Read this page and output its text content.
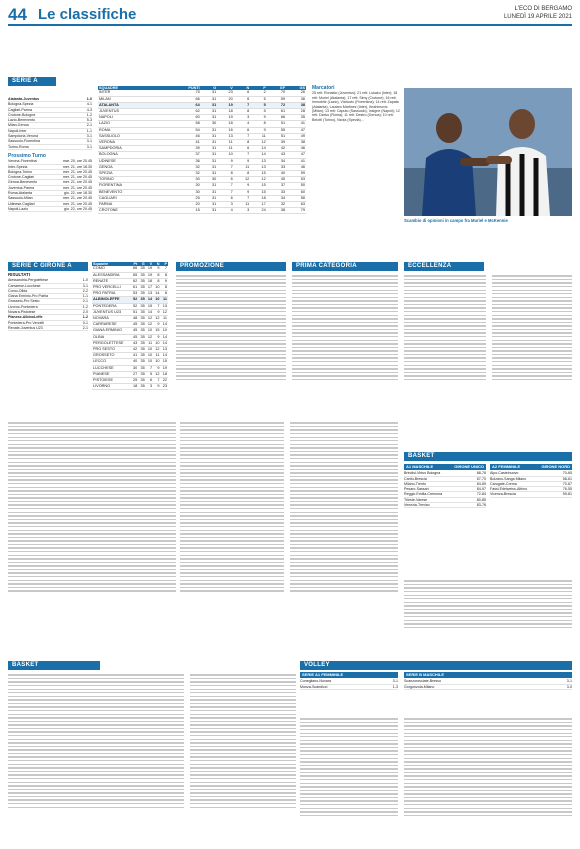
44 Le classifiche	L'ECO DI BERGAMO
LUNEDÌ 19 APRILE 2021
SERIE A
Atalanta-Juventus	1-0
Bologna-Spezia	4-1
Cagliari-Parma	4-3
Crotone-Bologna	1-2
Lazio-Benevento	5-3
Milan-Genoa	2-1
Napoli-Inter	1-1
Sampdoria-Verona	3-1
Sassuolo-Fiorentina	3-1
Torino-Roma	3-1
Prossimo Turno
Verona-Fiorentina	mar. 20, ore 20.45
Inter-Spezia	mer. 21, ore 18.30
Bologna-Torino	mer. 21, ore 20.45
Crotone-Cagliari	mer. 21, ore 20.45
Genoa-Benevento	mer. 21, ore 20.45
Juventus-Parma	mer. 21, ore 20.45
Roma-Atalanta	gio. 22, ore 18.30
Sassuolo-Milan	mer. 21, ore 20.45
Udinese-Cagliari	mer. 21, ore 20.45
Napoli-Lazio	gio. 22, ore 20.45
SQUADRE	PUNTI	G	V	N	P	GF	GS
INTER	75	31	23	6	2	70	26
MILAN	66	31	20	6	5	59	36
ATALANTA	64	31	19	7	5	72	38
JUVENTUS	62	31	18	8	5	61	28
NAPOLI	60	31	19	3	9	66	35
LAZIO	58	30	18	4	8	51	41
ROMA	54	31	16	6	9	55	47
SASSUOLO	46	31	13	7	11	51	49
VERONA	41	31	11	8	12	39	38
SAMPDORIA	39	31	11	6	14	42	46
BOLOGNA	37	31	10	7	14	43	47
UDINESE	36	31	9	9	13	34	41
GENOA	32	31	7	11	13	33	46
SPEZIA	32	31	8	8	15	40	59
TORINO	30	30	6	12	12	45	53
FIORENTINA	30	31	7	9	15	37	50
BENEVENTO	30	31	7	9	15	33	60
CAGLIARI	25	31	6	7	18	34	56
PARMA	20	31	3	11	17	32	63
CROTONE	15	31	4	3	24	38	79
Marcatori
25 reti: Ronaldo (Juventus); 21 reti: Lukaku (Inter); 18 reti: Muriel (Atalanta); 17 reti: Simy (Crotone); 16 reti: Immobile (Lazio), Vlahovic (Fiorentina); 14 reti: Zapata (Atalanta), Lautaro Martinez (Inter), Ibrahimovic (Milan); 13 reti: Caputo (Sassuolo), Insigne (Napoli); 12 reti: Dzeko (Roma); 11 reti: Destro (Genoa); 10 reti: Belotti (Torino), Nzola (Spezia)...
Scambio di opinioni in campo fra Muriel e McKennie
SERIE C GIRONE A
RISULTATI
Alessandria-Pergolettese	1-0
Carrarese-Lucchese	3-1
Como-Olbia	2-2
Giana Erminio-Pro Patria	1-1
Grosseto-Pro Sesto	2-1
Livorno-Pontedera	1-2
Novara-Pistoiese	2-0
Pianese-AlbinoLeffe	1-2
Pontedera-Pro Vercelli	0-1
Renate-Juventus U23	2-1
Squadre	Pt	G	V	N	P
COMO	66	35	19	9	7
ALESSANDRIA	65	35	19	8	8
RENATE	62	35	18	8	9
PRO VERCELLI	61	35	17	10	8
PRO PATRIA	53	35	13	14	8
ALBINOLEFFE	52	35	14	10	11
PONTEDERA	52	35	15	7	13
JUVENTUS U23	51	35	14	9	12
NOVARA	48	35	12	12	11
CARRARESE	45	35	12	9	14
GIANA ERMINIO	45	35	10	15	10
OLBIA	45	35	12	9	14
PERGOLETTESE	43	35	11	10	14
PRO SESTO	42	35	10	12	13
GROSSETO	41	35	10	11	14
LECCO	40	35	10	10	15
LUCCHESE	30	35	7	9	19
PIANESE	27	35	5	12	18
PISTOIESE	25	35	6	7	22
LIVORNO	18	35	3	9	23
PROMOZIONE	PRIMA CATEGORIA	ECCELLENZA
BASKET
A1 MASCHILE	GIRONE UNICO
Brindisi-Virtus Bologna	88-76
Cantù-Brescia	67-70
Milano-Trento	84-69
Pesaro-Sassari	84-97
Reggio Emilia-Cremona	72-84
Trieste-Varese	80-85
Venezia-Treviso	83-76
A2 FEMMINILE	GIRONE NORD
Alpo-Castelnuovo	70-65
Bolzano-Sanga Milano	58-61
Carugate-Crema	70-67
Fassi Edelweiss-Albino	76-55
Vicenza-Brescia	59-81
BASKET	VOLLEY
SERIE A1 FEMMINILE
Conegliano-Novara	3-1
Monza-Scandicci	1-3
SERIE B MASCHILE
Scanzorosciate-Bresso	3-1
Gorgonzola-Milano	3-0
